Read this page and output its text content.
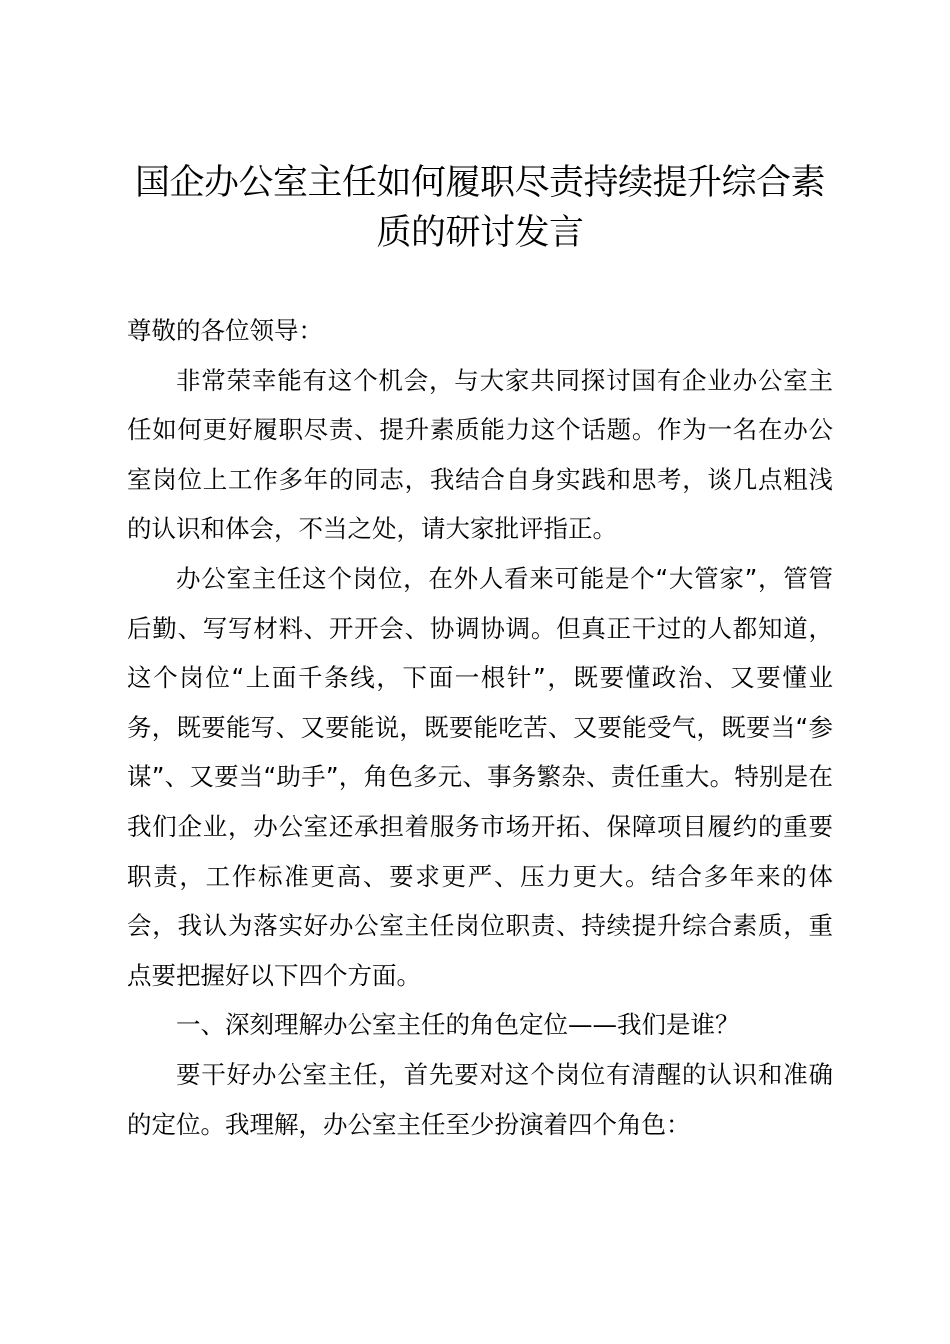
国企办公室主任如何履职尽责持续提升综合素
质的研讨发言

尊敬的各位领导：

非常荣幸能有这个机会，与大家共同探讨国有企业办公室主任如何更好履职尽责、提升素质能力这个话题。作为一名在办公室岗位上工作多年的同志，我结合自身实践和思考，谈几点粗浅的认识和体会，不当之处，请大家批评指正。

办公室主任这个岗位，在外人看来可能是个“大管家”，管管后勤、写写材料、开开会、协调协调。但真正干过的人都知道，这个岗位“上面千条线，下面一根针”，既要懂政治、又要懂业务，既要能写、又要能说，既要能吃苦、又要能受气，既要当“参谋”、又要当“助手”，角色多元、事务繁杂、责任重大。特别是在我们企业，办公室还承担着服务市场开拓、保障项目履约的重要职责，工作标准更高、要求更严、压力更大。结合多年来的体会，我认为落实好办公室主任岗位职责、持续提升综合素质，重点要把握好以下四个方面。

一、深刻理解办公室主任的角色定位——我们是谁？

要干好办公室主任，首先要对这个岗位有清醒的认识和准确的定位。我理解，办公室主任至少扮演着四个角色：
